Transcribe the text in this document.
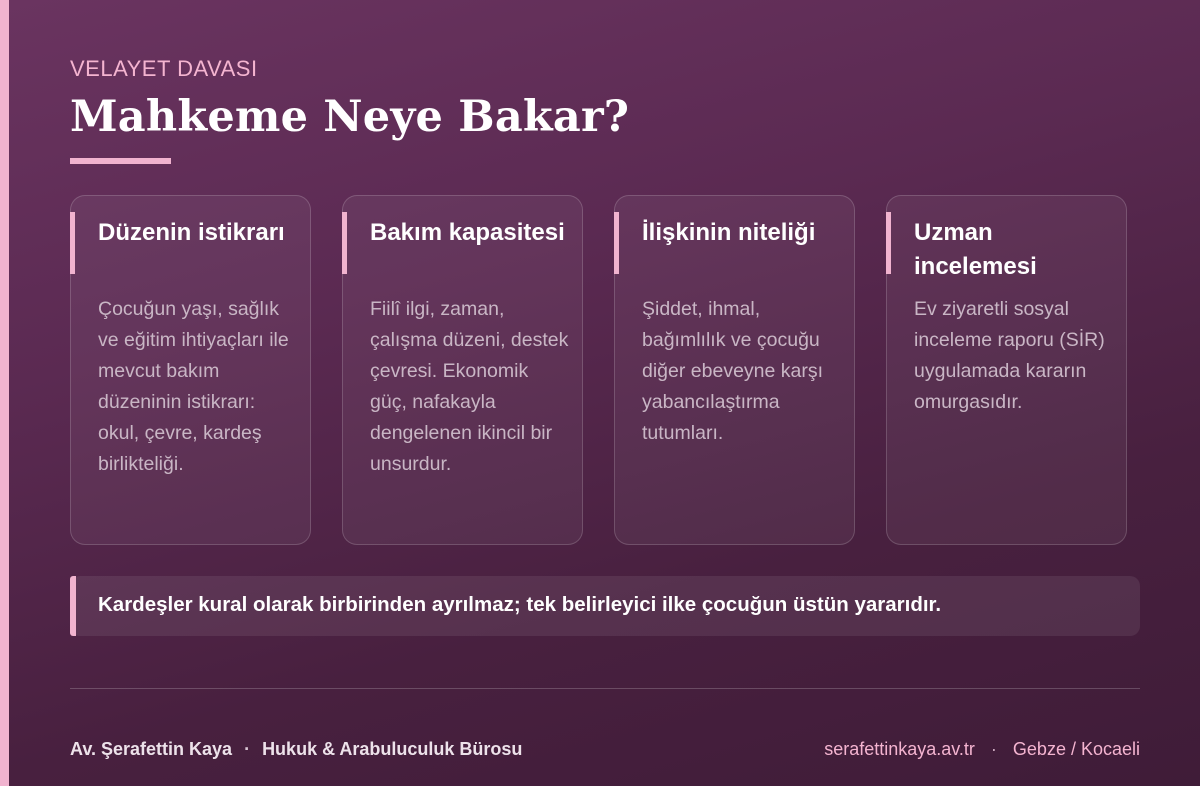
VELAYET DAVASI
Mahkeme Neye Bakar?
Düzenin istikrarı
Çocuğun yaşı, sağlık ve eğitim ihtiyaçları ile mevcut bakım düzeninin istikrarı: okul, çevre, kardeş birlikteliği.
Bakım kapasitesi
Fiilî ilgi, zaman, çalışma düzeni, destek çevresi. Ekonomik güç, nafakayla dengelenen ikincil bir unsurdur.
İlişkinin niteliği
Şiddet, ihmal, bağımlılık ve çocuğu diğer ebeveyne karşı yabancılaştırma tutumları.
Uzman incelemesi
Ev ziyaretli sosyal inceleme raporu (SİR) uygulamada kararın omurgasıdır.
Kardeşler kural olarak birbirinden ayrılmaz; tek belirleyici ilke çocuğun üstün yararıdır.
Av. Şerafettin Kaya · Hukuk & Arabuluculuk Bürosu	serafettinkaya.av.tr · Gebze / Kocaeli
